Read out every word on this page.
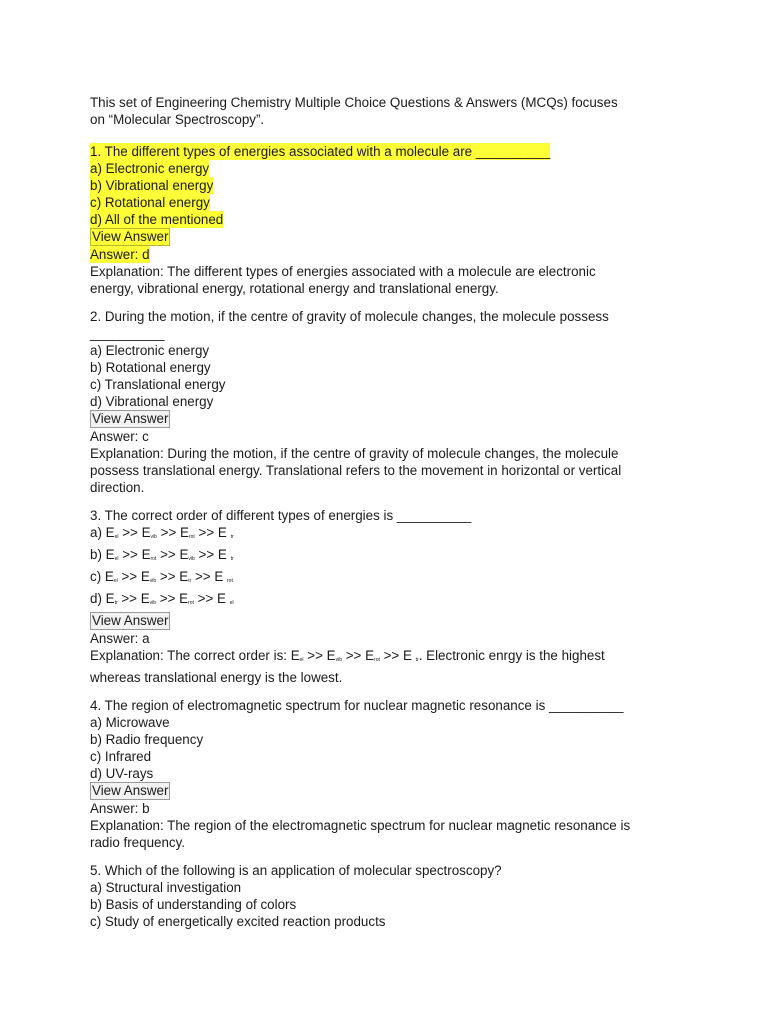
This set of Engineering Chemistry Multiple Choice Questions & Answers (MCQs) focuses
on “Molecular Spectroscopy”.

1. The different types of energies associated with a molecule are __________
a) Electronic energy
b) Vibrational energy
c) Rotational energy
d) All of the mentioned
View Answer
Answer: d
Explanation: The different types of energies associated with a molecule are electronic
energy, vibrational energy, rotational energy and translational energy.
2. During the motion, if the centre of gravity of molecule changes, the molecule possess
__________
a) Electronic energy
b) Rotational energy
c) Translational energy
d) Vibrational energy
View Answer
Answer: c
Explanation: During the motion, if the centre of gravity of molecule changes, the molecule
possess translational energy. Translational refers to the movement in horizontal or vertical
direction.
3. The correct order of different types of energies is __________
a) $E_{el} >> E_{vib} >> E_{rot} >> E$ $_{tr}$
b) $E_{el} >> E_{rot} >> E_{vib} >> E$ $_{tr}$
c) $E_{el} >> E_{vib} >> E_{tr} >> E$ $_{rot}$
d) $E_{tr} >> E_{vib} >> E_{rot} >> E$ $_{el}$
View Answer
Answer: a
Explanation: The correct order is: $E_{el} >> E_{vib} >> E_{rot} >> E$ $_{tr}$. Electronic enrgy is the highest
whereas translational energy is the lowest.
4. The region of electromagnetic spectrum for nuclear magnetic resonance is __________
a) Microwave
b) Radio frequency
c) Infrared
d) UV-rays
View Answer
Answer: b
Explanation: The region of the electromagnetic spectrum for nuclear magnetic resonance is
radio frequency.
5. Which of the following is an application of molecular spectroscopy?
a) Structural investigation
b) Basis of understanding of colors
c) Study of energetically excited reaction products
